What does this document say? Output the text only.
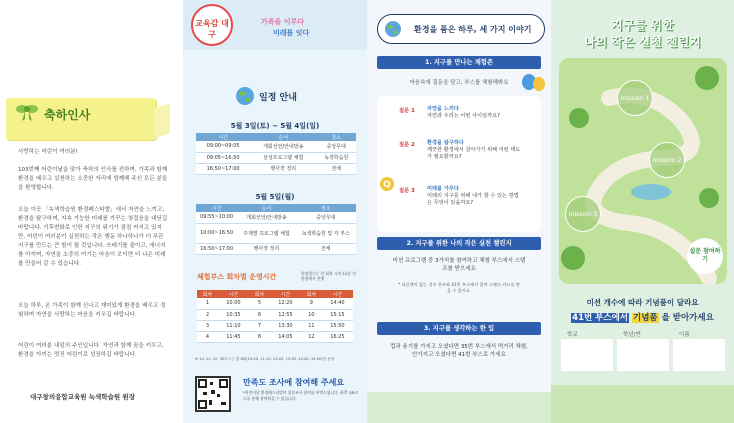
축하인사
사랑하는 어린이 여러분!
103번째 어린이날을 맞아 축하의 인사를 전하며, 가족과 함께 환경을 배우고 실천하는 소중한 자리에 함께해 주신 모든 분들을 환영합니다.
오늘 이곳 「녹색학습원 환경페스티벌」에서 자연을 느끼고, 환경을 탐구하며, 지속 가능한 미래를 가꾸는 첫걸음을 내딛길 바랍니다. 기후변화로 인한 지구의 위기가 점점 커지고 있지만, 어린이 여러분이 실천하는 작은 행동 하나하나가 더 푸른 지구를 만드는 큰 힘이 될 것입니다. 쓰레기를 줄이고, 에너지를 아끼며, 자연을 소중히 여기는 마음이 모이면 더 나은 미래를 만들어 갈 수 있습니다.
오늘 하루, 온 가족이 함께 신나고 재미있게 환경을 배우고 경험하며 자연을 사랑하는 마음을 키우길 바랍니다.
어린이 여러분 내일의 주인입니다. 자연과 함께 꿈을 키우고, 환경을 아끼는 멋진 어린이로 성장하길 바랍니다.
대구창의융합교육원 녹색학습원 원장
교육감 대구
가족을 이루다
미래를 잇다
일정 안내
5월 3일(토) ~ 5월 4일(일)
시간	순서	장소
09:00~09:05	개회선언/안내방송	중앙무대
09:05~16:50	삼섬프로그램 체험	녹색학습원
16:50~17:00	행사장 정리	전체
5월 5일(월)
시간	순서	장소
09:55~10:00	개회선언/안내방송	중앙무대
10:00~16:50	주제별 프로그램 체험	녹색학습원 및 각 부스
16:50~17:00	행사장 정리	전체
체험부스 회차별 운영시간	현장접수는 각 회차 시작 10분 전 현장에서 진행
회차	시간	회차	시간	회차	시간
1	10:00	5	12:20	9	14:40
2	10:35	6	12:55	10	15:15
3	11:10	7	13:30	11	15:50
4	11:45	8	14:05	12	16:25
※ 14, 21, 22, 30부스는 총 6회(10:00, 11:10, 12:20, 13:30, 14:40, 15:50)만 운영
만족도 조사에 참여해 주세요
*어린이날 환경페스티벌이 설문조사 참여를 부탁드립니다. 하측 QR코드를 통해 참여하실 수 있습니다.
환경을 품은 하루, 세 가지 이야기
1. 지구를 만나는 체험존
마음속에 질문을 담고, 부스를 체험해봐요
질문 1 자연을 느끼다
자연과 우리는 어떤 사이일까요?
질문 2 환경을 탐구하다
깨끗한 환경에서 살아가기 위해 어떤 태도가 필요할까요?
Q
질문 3 미래를 가꾸다
미래의 지구를 위해 내가 할 수 있는 방법은 무엇이 있을까요?
2. 지구를 위한 나의 작은 실천 챌린지
미션 프로그램 중 3가지를 참여하고 체험 부스에서 스탬프를 받으세요
* 리플렛이 없는 경우 본부와 41번 부스에서 참여 스탬프 카드를 받을 수 있어요.
3. 지구를 생각하는 한 입
컵과 용기를 가지고 오셨다면 35번 부스에서 먹거리 체험, 안가지고 오셨다면 41번 부스로 가세요
지구를 위한
나의 작은 실천 챌린지
mission 1
mission 2
mission 3
설문 참여하기
미션 개수에 따라 기념품이 달라요
41번 부스에서 기념품 을 받아가세요
학교	학년/반	이름
